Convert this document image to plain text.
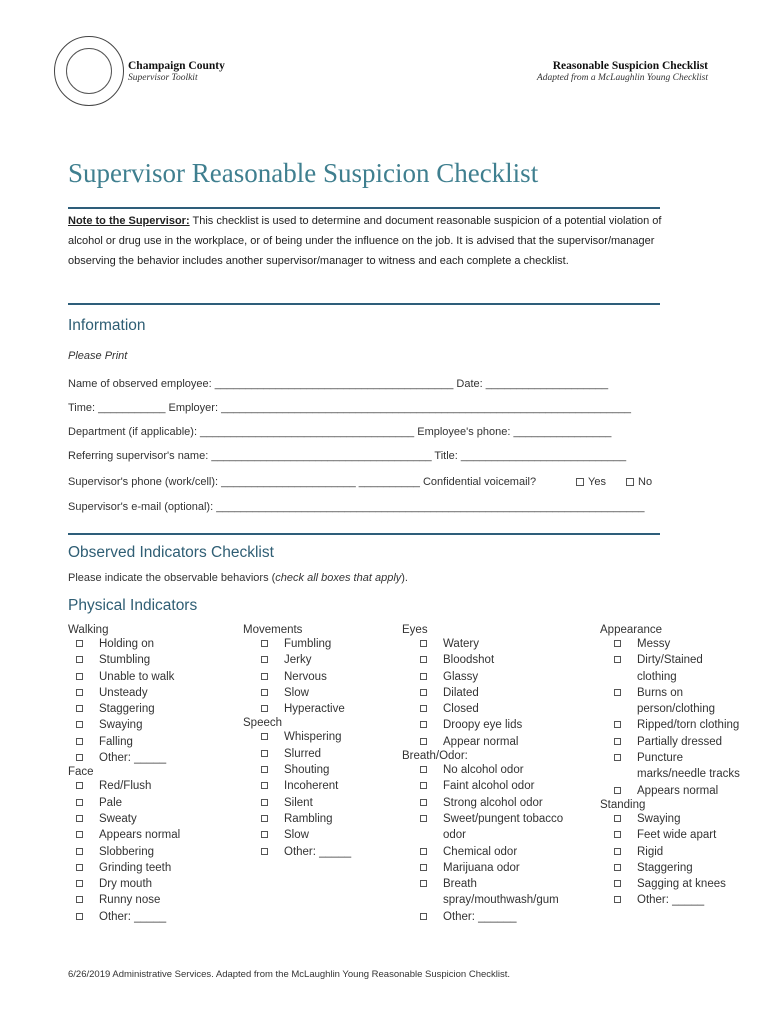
Champaign County
Supervisor Toolkit
Reasonable Suspicion Checklist
Adapted from a McLaughlin Young Checklist
Supervisor Reasonable Suspicion Checklist
Note to the Supervisor: This checklist is used to determine and document reasonable suspicion of a potential violation of alcohol or drug use in the workplace, or of being under the influence on the job. It is advised that the supervisor/manager observing the behavior includes another supervisor/manager to witness and each complete a checklist.
Information
Please Print
Name of observed employee: _______________________________________ Date: ____________________
Time: ___________ Employer: ___________________________________________________________________
Department (if applicable): ___________________________________ Employee's phone: ________________
Referring supervisor's name: ____________________________________ Title: ___________________________
Supervisor's phone (work/cell): ______________________ __________ Confidential voicemail?	Yes	No
Supervisor's e-mail (optional): ______________________________________________________________________
Observed Indicators Checklist
Please indicate the observable behaviors (check all boxes that apply).
Physical Indicators
Walking
Holding on
Stumbling
Unable to walk
Unsteady
Staggering
Swaying
Falling
Other: _____
Face
Red/Flush
Pale
Sweaty
Appears normal
Slobbering
Grinding teeth
Dry mouth
Runny nose
Other: _____
Movements
Fumbling
Jerky
Nervous
Slow
Hyperactive
Speech
Whispering
Slurred
Shouting
Incoherent
Silent
Rambling
Slow
Other: _____
Eyes
Watery
Bloodshot
Glassy
Dilated
Closed
Droopy eye lids
Appear normal
Breath/Odor:
No alcohol odor
Faint alcohol odor
Strong alcohol odor
Sweet/pungent tobacco odor
Chemical odor
Marijuana odor
Breath spray/mouthwash/gum
Other: ______
Appearance
Messy
Dirty/Stained clothing
Burns on person/clothing
Ripped/torn clothing
Partially dressed
Puncture marks/needle tracks
Appears normal
Standing
Swaying
Feet wide apart
Rigid
Staggering
Sagging at knees
Other: _____
6/26/2019 Administrative Services. Adapted from the McLaughlin Young Reasonable Suspicion Checklist.
